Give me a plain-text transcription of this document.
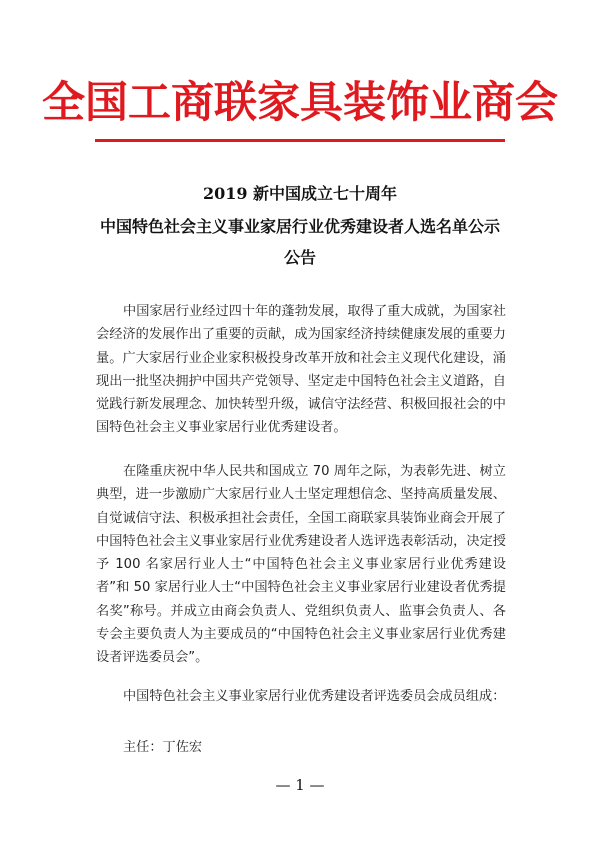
全国工商联家具装饰业商会
2019 新中国成立七十周年
中国特色社会主义事业家居行业优秀建设者人选名单公示
公告
中国家居行业经过四十年的蓬勃发展，取得了重大成就，为国家社会经济的发展作出了重要的贡献，成为国家经济持续健康发展的重要力量。广大家居行业企业家积极投身改革开放和社会主义现代化建设，涌现出一批坚决拥护中国共产党领导、坚定走中国特色社会主义道路，自觉践行新发展理念、加快转型升级，诚信守法经营、积极回报社会的中国特色社会主义事业家居行业优秀建设者。
在隆重庆祝中华人民共和国成立 70 周年之际，为表彰先进、树立典型，进一步激励广大家居行业人士坚定理想信念、坚持高质量发展、自觉诚信守法、积极承担社会责任，全国工商联家具装饰业商会开展了中国特色社会主义事业家居行业优秀建设者人选评选表彰活动，决定授予 100 名家居行业人士“中国特色社会主义事业家居行业优秀建设者”和 50 家居行业人士“中国特色社会主义事业家居行业建设者优秀提名奖”称号。并成立由商会负责人、党组织负责人、监事会负责人、各专会主要负责人为主要成员的“中国特色社会主义事业家居行业优秀建设者评选委员会”。
中国特色社会主义事业家居行业优秀建设者评选委员会成员组成：
主任：丁佐宏
— 1 —
